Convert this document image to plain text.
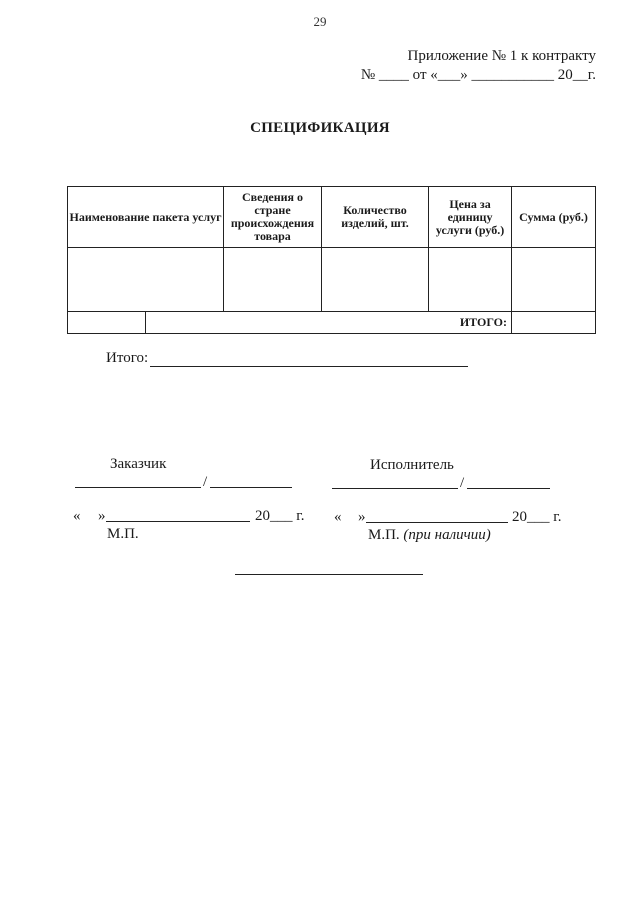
29
Приложение № 1 к контракту
№ ____ от «___» ___________ 20__г.
СПЕЦИФИКАЦИЯ
Наименование пакета услуг		Сведения о стране происхождения товара	Количество изделий, шт.	Цена за единицу услуги (руб.)	Сумма (руб.)

	ИТОГО:				
Итого:
Заказчик
/
« »	20___ г.
М.П.
Исполнитель
/
« »	20___ г.
М.П. (при наличии)
